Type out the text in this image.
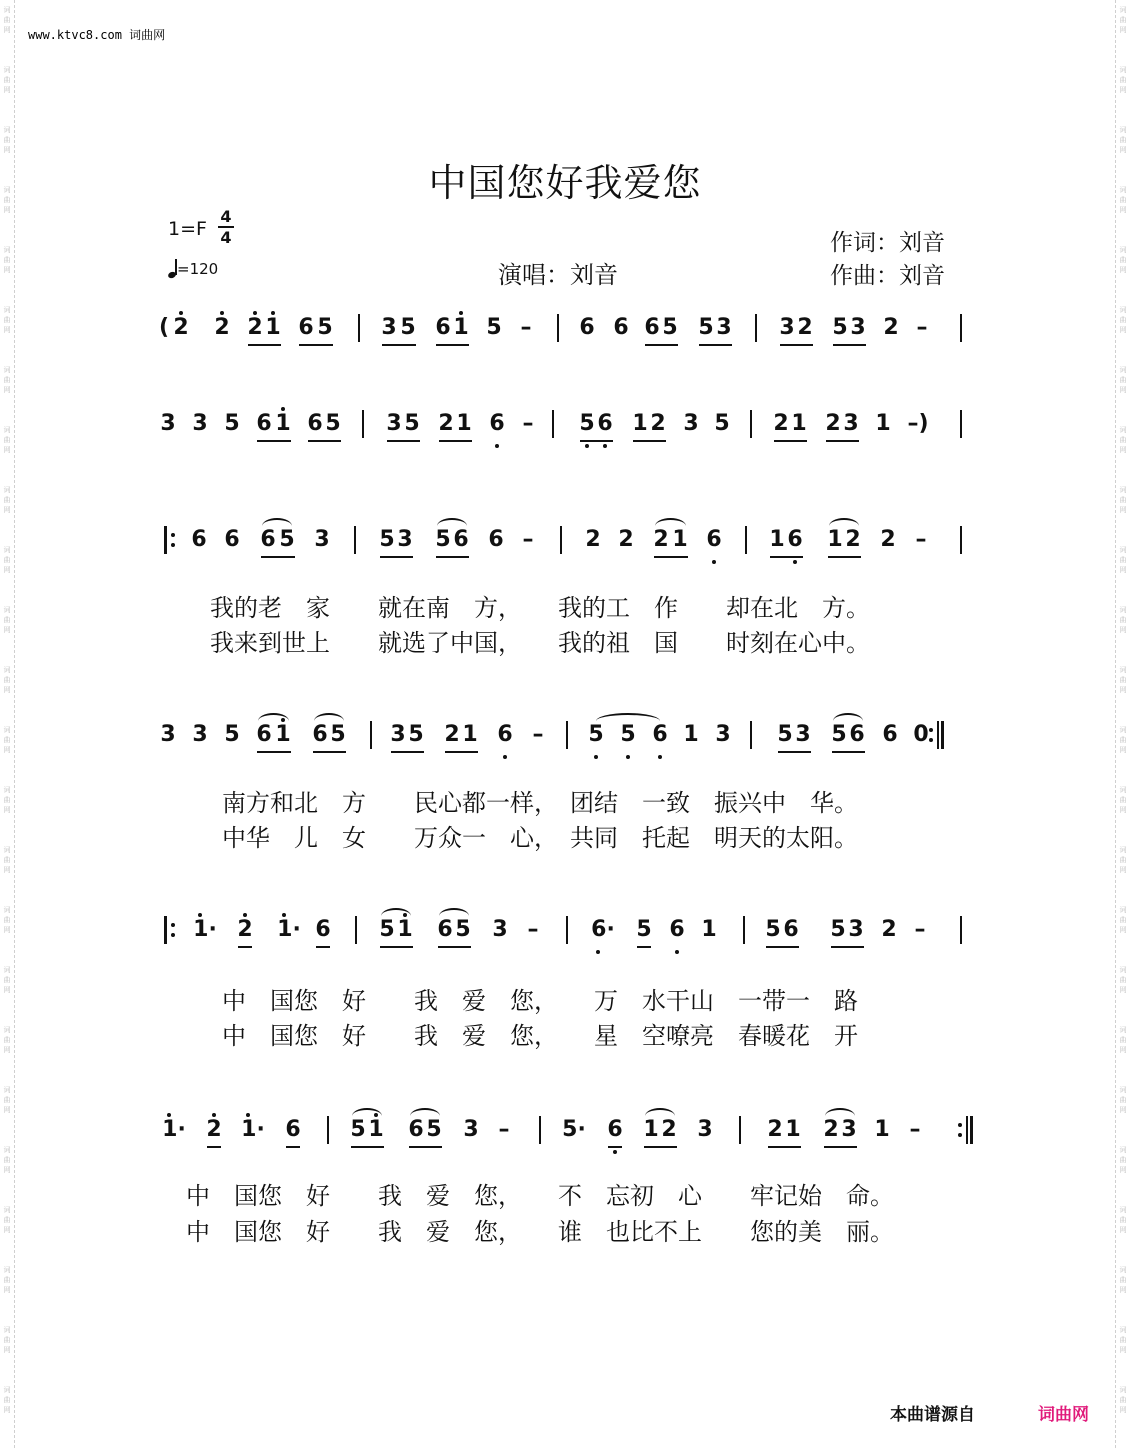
词
曲
网
词
曲
网
词
曲
网
词
曲
网
词
曲
网
词
曲
网
词
曲
网
词
曲
网
词
曲
网
词
曲
网
词
曲
网
词
曲
网
词
曲
网
词
曲
网
词
曲
网
词
曲
网
词
曲
网
词
曲
网
词
曲
网
词
曲
网
词
曲
网
词
曲
网
词
曲
网
词
曲
网
词
曲
网
词
曲
网
词
曲
网
词
曲
网
词
曲
网
词
曲
网
词
曲
网
词
曲
网
词
曲
网
词
曲
网
词
曲
网
词
曲
网
词
曲
网
词
曲
网
词
曲
网
词
曲
网
词
曲
网
词
曲
网
词
曲
网
词
曲
网
词
曲
网
词
曲
网
词
曲
网
词
曲
网
www.ktvc8.com 词曲网
中国您好我爱您
1=F
4
4
=120	演唱：刘音
作词：刘音
作曲：刘音
( 2 2 2 1 6 5 3 5 6 1 5 – 6 6 6 5 5 3 3 2 5 3 2 –
3 3 5 6 1 6 5 3 5 2 1 6 – 5 6 1 2 3 5 2 1 2 3 1 –)
6 6 6 5 3 5 3 5 6 6 – 2 2 2 1 6 1 6 1 2 2 –
我的老　家　　就在南　方，　　我的工　作　　却在北　方。
我来到世上　　就选了中国，　　我的祖　国　　时刻在心中。
3 3 5 6 1 6 5 3 5 2 1 6 – 5 5 6 1 3 5 3 5 6 6 0
南方和北　方　　民心都一样，　团结　一致　振兴中　华。
中华　儿　女　　万众一　心，　共同　托起　明天的太阳。
1· 2 1· 6 5 1 6 5 3 – 6· 5 6 1 5 6 5 3 2 –
中　国您　好　　我　爱　您，　　万　水干山　一带一　路
中　国您　好　　我　爱　您，　　星　空嘹亮　春暖花　开
1· 2 1· 6 5 1 6 5 3 – 5· 6 1 2 3 2 1 2 3 1 –
中　国您　好　　我　爱　您，　　不　忘初　心　　牢记始　命。
中　国您　好　　我　爱　您，　　谁　也比不上　　您的美　丽。
本曲谱源自	词曲网
